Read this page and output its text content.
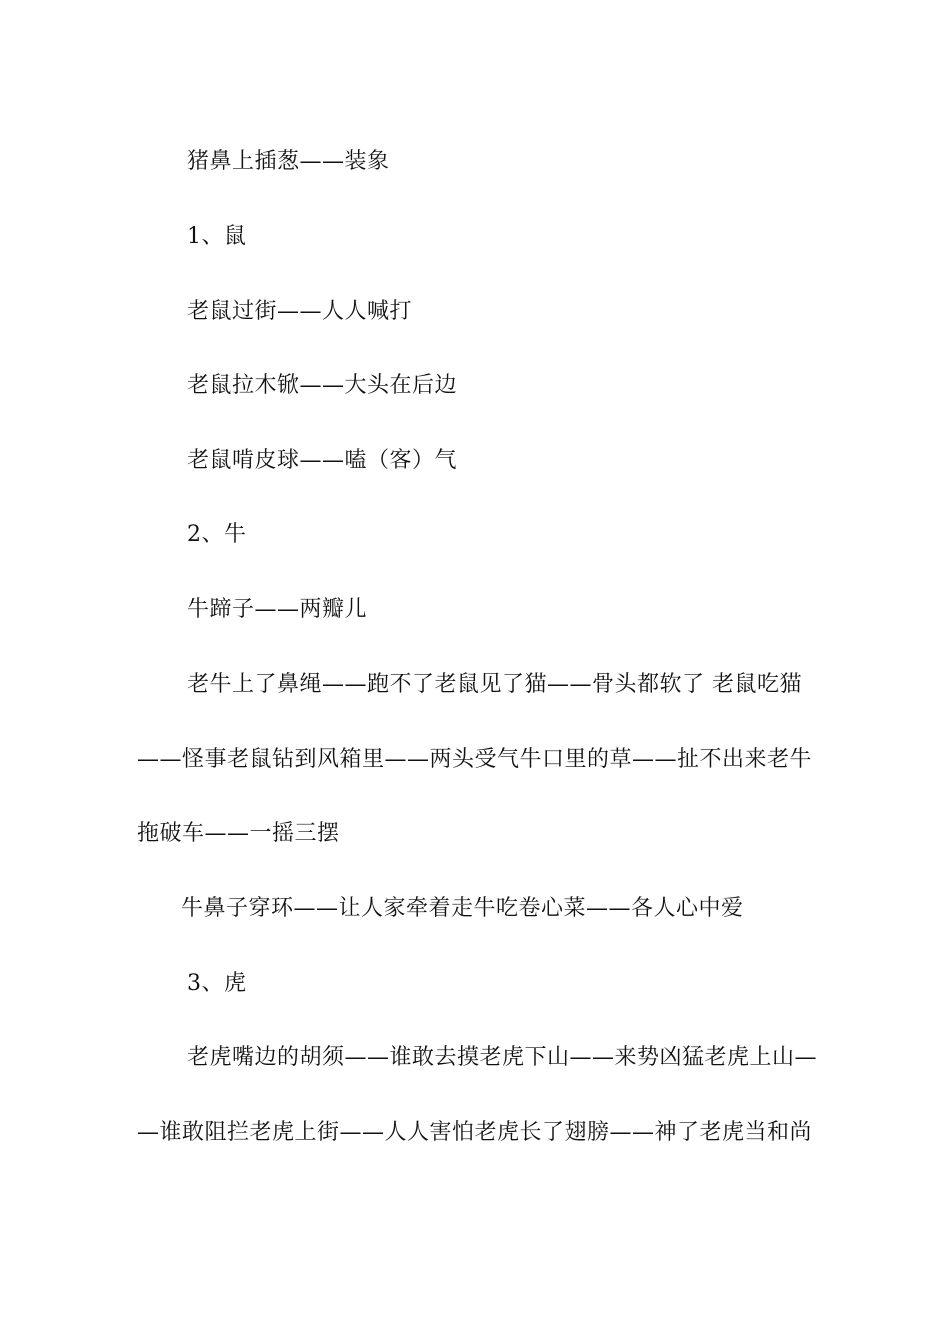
猪鼻上插葱——装象
1、鼠
老鼠过街——人人喊打
老鼠拉木锨——大头在后边
老鼠啃皮球——嗑（客）气
2、牛
牛蹄子——两瓣儿
老牛上了鼻绳——跑不了老鼠见了猫——骨头都软了 老鼠吃猫
——怪事老鼠钻到风箱里——两头受气牛口里的草——扯不出来老牛
拖破车——一摇三摆
牛鼻子穿环——让人家牵着走牛吃卷心菜——各人心中爱
3、虎
老虎嘴边的胡须——谁敢去摸老虎下山——来势凶猛老虎上山—
—谁敢阻拦老虎上街——人人害怕老虎长了翅膀——神了老虎当和尚
